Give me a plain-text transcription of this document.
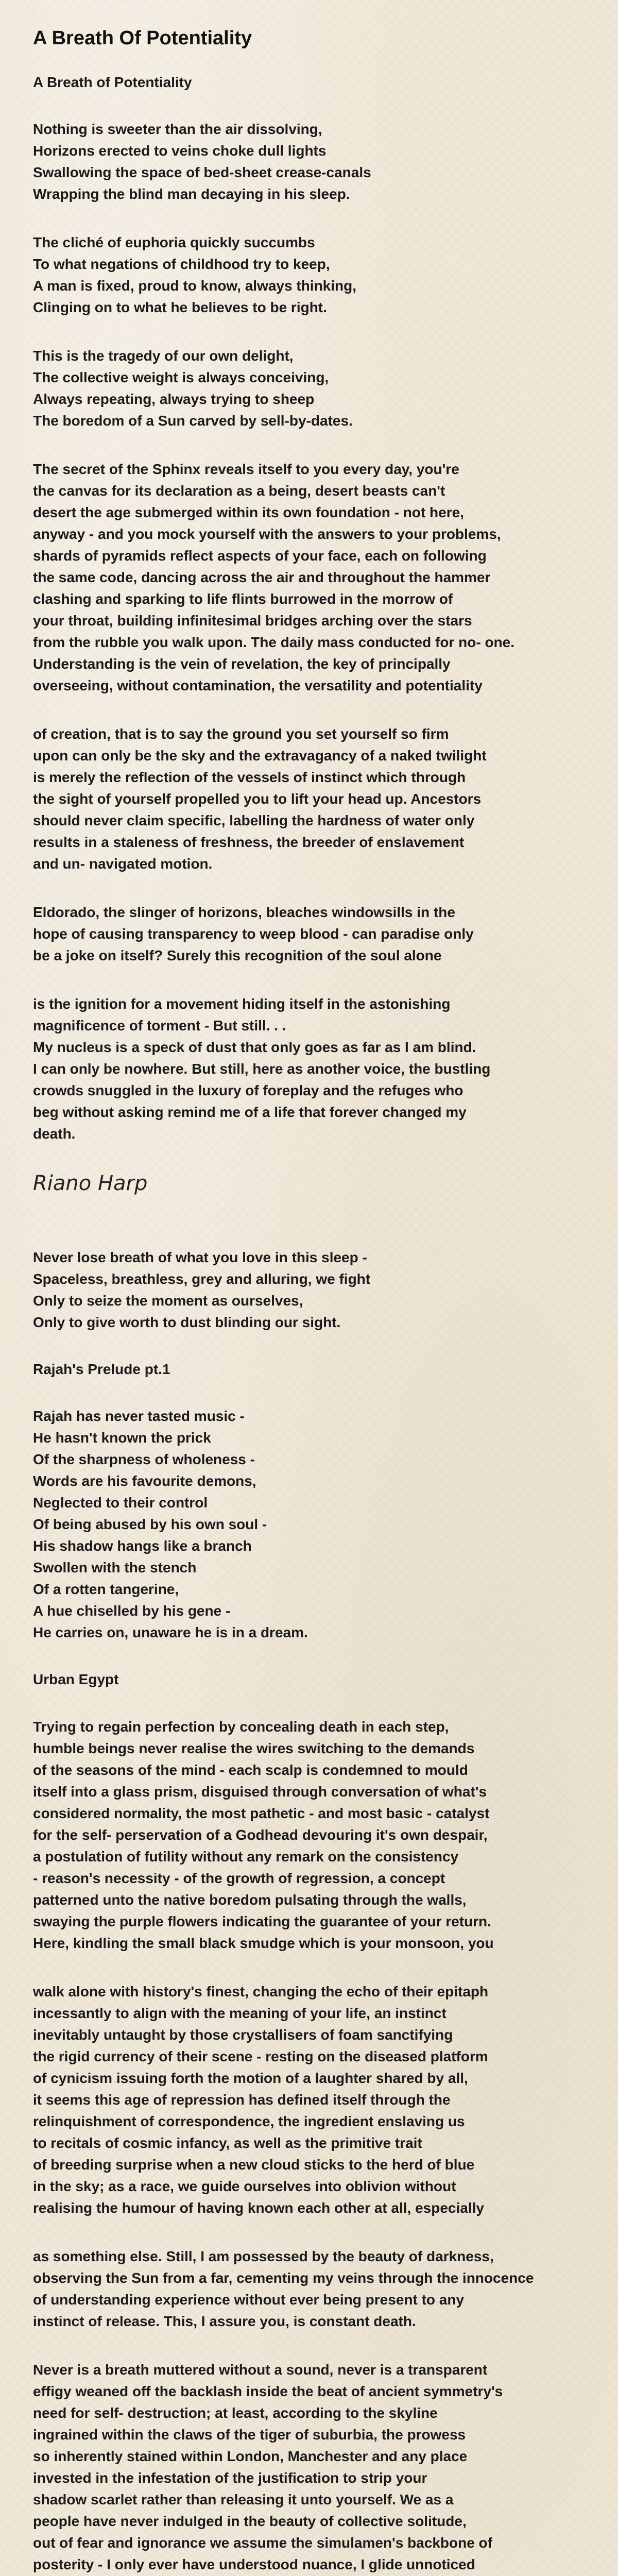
A Breath Of Potentiality
A Breath of Potentiality

Nothing is sweeter than the air dissolving,
Horizons erected to veins choke dull lights
Swallowing the space of bed-sheet crease-canals
Wrapping the blind man decaying in his sleep.

The cliché of euphoria quickly succumbs
To what negations of childhood try to keep,
A man is fixed, proud to know, always thinking,
Clinging on to what he believes to be right.

This is the tragedy of our own delight,
The collective weight is always conceiving,
Always repeating, always trying to sheep
The boredom of a Sun carved by sell-by-dates.

The secret of the Sphinx reveals itself to you every day, you're
the canvas for its declaration as a being, desert beasts can't
desert the age submerged within its own foundation - not here,
anyway - and you mock yourself with the answers to your problems,
shards of pyramids reflect aspects of your face, each on following
the same code, dancing across the air and throughout the hammer
clashing and sparking to life flints burrowed in the morrow of
your throat, building infinitesimal bridges arching over the stars
from the rubble you walk upon. The daily mass conducted for no- one.
Understanding is the vein of revelation, the key of principally
overseeing, without contamination, the versatility and potentiality

of creation, that is to say the ground you set yourself so firm
upon can only be the sky and the extravagancy of a naked twilight
is merely the reflection of the vessels of instinct which through
the sight of yourself propelled you to lift your head up. Ancestors
should never claim specific, labelling the hardness of water only
results in a staleness of freshness, the breeder of enslavement
and un- navigated motion.

Eldorado, the slinger of horizons, bleaches windowsills in the
hope of causing transparency to weep blood - can paradise only
be a joke on itself? Surely this recognition of the soul alone

is the ignition for a movement hiding itself in the astonishing
magnificence of torment - But still. . .
My nucleus is a speck of dust that only goes as far as I am blind.
I can only be nowhere. But still, here as another voice, the bustling
crowds snuggled in the luxury of foreplay and the refuges who
beg without asking remind me of a life that forever changed my
death.

Riano Harp

Never lose breath of what you love in this sleep -
Spaceless, breathless, grey and alluring, we fight
Only to seize the moment as ourselves,
Only to give worth to dust blinding our sight.

Rajah's Prelude pt.1

Rajah has never tasted music -
He hasn't known the prick
Of the sharpness of wholeness -
Words are his favourite demons,
Neglected to their control
Of being abused by his own soul -
His shadow hangs like a branch
Swollen with the stench
Of a rotten tangerine,
A hue chiselled by his gene -
He carries on, unaware he is in a dream.

Urban Egypt

Trying to regain perfection by concealing death in each step,
humble beings never realise the wires switching to the demands
of the seasons of the mind - each scalp is condemned to mould
itself into a glass prism, disguised through conversation of what's
considered normality, the most pathetic - and most basic - catalyst
for the self- perservation of a Godhead devouring it's own despair,
a postulation of futility without any remark on the consistency
- reason's necessity - of the growth of regression, a concept
patterned unto the native boredom pulsating through the walls,
swaying the purple flowers indicating the guarantee of your return.
Here, kindling the small black smudge which is your monsoon, you

walk alone with history's finest, changing the echo of their epitaph
incessantly to align with the meaning of your life, an instinct
inevitably untaught by those crystallisers of foam sanctifying
the rigid currency of their scene - resting on the diseased platform
of cynicism issuing forth the motion of a laughter shared by all,
it seems this age of repression has defined itself through the
relinquishment of correspondence, the ingredient enslaving us
to recitals of cosmic infancy, as well as the primitive trait
of breeding surprise when a new cloud sticks to the herd of blue
in the sky; as a race, we guide ourselves into oblivion without
realising the humour of having known each other at all, especially

as something else. Still, I am possessed by the beauty of darkness,
observing the Sun from a far, cementing my veins through the innocence
of understanding experience without ever being present to any
instinct of release. This, I assure you, is constant death.

Never is a breath muttered without a sound, never is a transparent
effigy weaned off the backlash inside the beat of ancient symmetry's
need for self- destruction; at least, according to the skyline
ingrained within the claws of the tiger of suburbia, the prowess
so inherently stained within London, Manchester and any place
invested in the infestation of the justification to strip your
shadow scarlet rather than releasing it unto yourself. We as a
people have never indulged in the beauty of collective solitude,
out of fear and ignorance we assume the simulamen's backbone of
posterity - I only ever have understood nuance, I glide unnoticed
